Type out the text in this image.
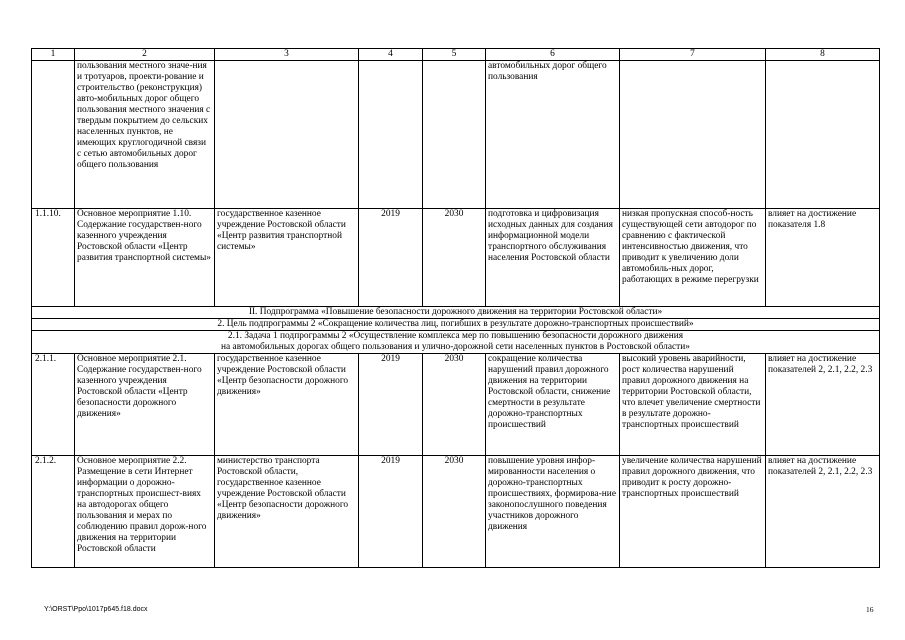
1	2	3	4	5	6	7	8
	пользования местного значе-ния и тротуаров, проекти-рование и строительство (реконструкция) авто-мобильных дорог общего пользования местного значения с твердым покрытием до сельских населенных пунктов, не имеющих круглогодичной связи с сетью автомобильных дорог общего пользования				автомобильных дорог общего пользования		
1.1.10.	Основное мероприятие 1.10. Содержание государствен-ного казенного учреждения Ростовской области «Центр развития транспортной системы»	государственное казенное учреждение Ростовской области «Центр развития транспортной системы»	2019	2030	подготовка и цифровизация исходных данных для создания информационной модели транспортного обслуживания населения Ростовской области	низкая пропускная способ-ность существующей сети автодорог по сравнению с фактической интенсивностью движения, что приводит к увеличению доли автомобиль-ных дорог, работающих в режиме перегрузки	влияет на достижение показателя 1.8
II. Подпрограмма «Повышение безопасности дорожного движения на территории Ростовской области»							
2. Цель подпрограммы 2 «Сокращение количества лиц, погибших в результате дорожно-транспортных происшествий»							
2.1. Задача 1 подпрограммы 2 «Осуществление комплекса мер по повышению безопасности дорожного движения
на автомобильных дорогах общего пользования и улично-дорожной сети населенных пунктов в Ростовской области»							
2.1.1.	Основное мероприятие 2.1. Содержание государствен-ного казенного учреждения Ростовской области «Центр безопасности дорожного движения»	государственное казенное учреждение Ростовской области «Центр безопасности дорожного движения»	2019	2030	сокращение количества нарушений правил дорожного движения на территории Ростовской области, снижение смертности в результате дорожно-транспортных происшествий	высокий уровень аварийности, рост количества нарушений правил дорожного движения на территории Ростовской области, что влечет увеличение смертности в результате дорожно-транспортных происшествий	влияет на достижение показателей 2, 2.1, 2.2, 2.3
2.1.2.	Основное мероприятие 2.2. Размещение в сети Интернет информации о дорожно-транспортных происшест-виях на автодорогах общего пользования и мерах по соблюдению правил дорож-ного движения на территории Ростовской области	министерство транспорта Ростовской области, государственное казенное учреждение Ростовской области «Центр безопасности дорожного движения»	2019	2030	повышение уровня инфор-мированности населения о дорожно-транспортных происшествиях, формирова-ние законопослушного поведения участников дорожного движения	увеличение количества нарушений правил дорожного движения, что приводит к росту дорожно-транспортных происшествий	влияет на достижение показателей 2, 2.1, 2.2, 2.3
Y:\ORST\Ppo\1017p645.f18.docx	16
